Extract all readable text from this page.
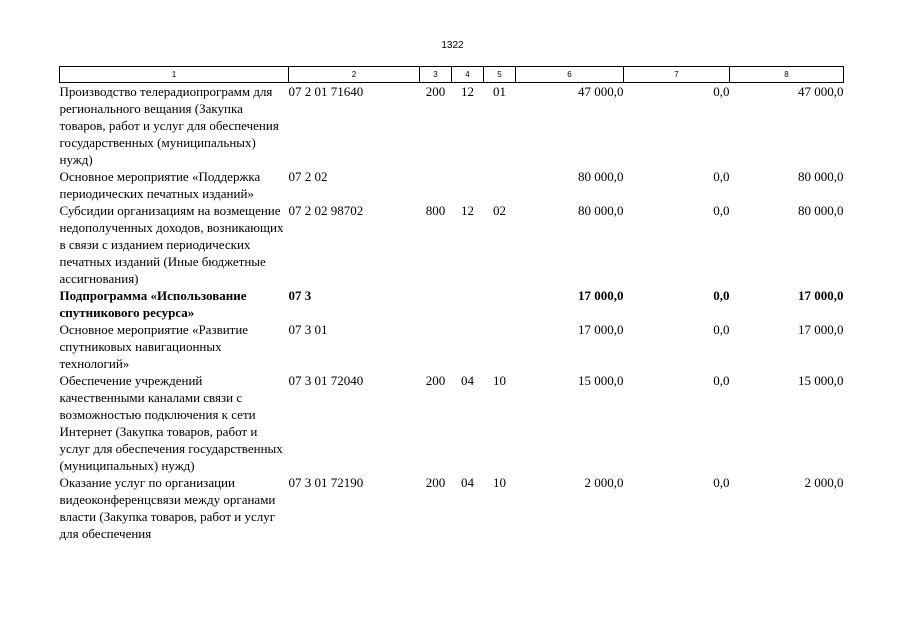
1322
1	2	3	4	5	6	7	8
Производство телерадиопрограмм для регионального вещания (Закупка товаров, работ и услуг для обеспечения государственных (муниципальных) нужд)	07 2 01 71640	200	12	01	47 000,0	0,0	47 000,0
Основное мероприятие «Поддержка периодических печатных изданий»	07 2 02				80 000,0	0,0	80 000,0
Субсидии организациям на возмещение недополученных доходов, возникающих в связи с изданием периодических печатных изданий (Иные бюджетные ассигнования)	07 2 02 98702	800	12	02	80 000,0	0,0	80 000,0
Подпрограмма «Использование спутникового ресурса»	07 3				17 000,0	0,0	17 000,0
Основное мероприятие «Развитие спутниковых навигационных технологий»	07 3 01				17 000,0	0,0	17 000,0
Обеспечение учреждений качественными каналами связи с возможностью подключения к сети Интернет (Закупка товаров, работ и услуг для обеспечения государственных (муниципальных) нужд)	07 3 01 72040	200	04	10	15 000,0	0,0	15 000,0
Оказание услуг по организации видеоконференцсвязи между органами власти (Закупка товаров, работ и услуг для обеспечения	07 3 01 72190	200	04	10	2 000,0	0,0	2 000,0
